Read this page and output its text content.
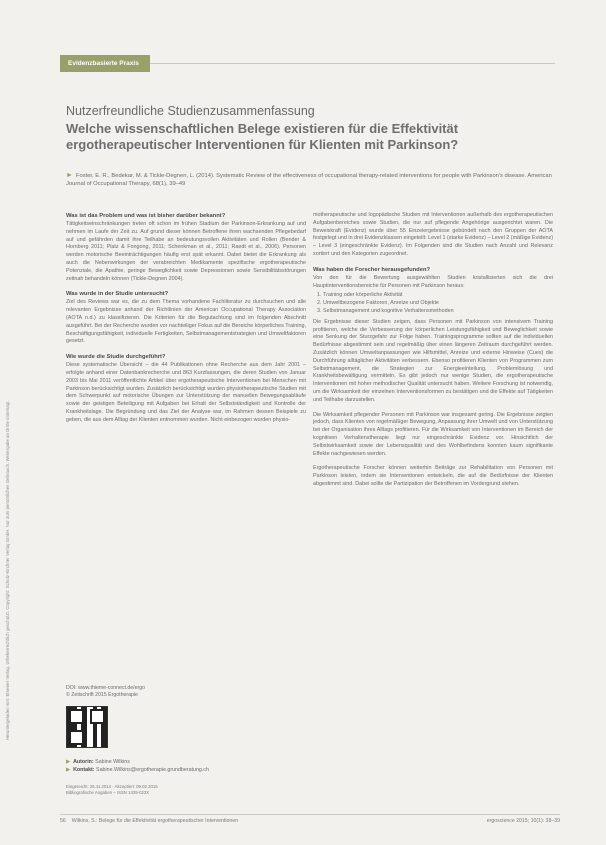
Heruntergeladen von: Elsevier Verlag. Urheberrechtlich geschützt. Copyright: Schulz-Kirchner Verlag GmbH. Nur zum persönlichen Gebrauch. Weitergabe an Dritte untersagt.
Evidenzbasierte Praxis
Nutzerfreundliche Studienzusammenfassung
Welche wissenschaftlichen Belege existieren für die Effektivität ergotherapeutischer Interventionen für Klienten mit Parkinson?
► Foster, E. R., Bedekar, M. & Tickle-Degnen, L. (2014). Systematic Review of the effectiveness of occupational therapy-related interventions for people with Parkinson's disease. American Journal of Occupational Therapy, 68(1), 39–49
Was ist das Problem und was ist bisher darüber bekannt?

Tätigkeitseinschränkungen treten oft schon im frühen Stadium der Parkinson-Erkrankung auf und nehmen im Laufe der Zeit zu. Auf grund dieser können Betroffene ihren wachsenden Pflegebedarf auf und gefährden damit ihre Teilhabe an bedeutungsvollen Aktivitäten und Rollen (Bender & Hornberg 2011; Platz & Fongong, 2011; Schenkman et al., 2011; Raedt et al., 2006). Personen werden motorische Beeinträchtigungen häufig erst spät erkannt. Dabei bietet die Erkrankung als auch die Nebenwirkungen der verabreichten Medikamente spezifische ergotherapeutische Potenziale, die Apathie, geringe Beweglichkeit sowie Depressionen sowie Sensibilitätsstörungen zeitnah behandeln können (Tickle-Degnen 2004).

Was wurde in der Studie untersucht?

Ziel des Reviews war es, die zu dem Thema vorhandene Fachliteratur zu durchsuchen und alle relevanten Ergebnisse anhand der Richtlinien der American Occupational Therapy Association (AOTA n.d.) zu klassifizieren. Die Kriterien für die Begutachtung sind im folgenden Abschnitt ausgeführt. Bei der Recherche wurden vor nachteiliger Fokus auf die Bereiche körperliches Training, Beschäftigungsfähigkeit, individuelle Fertigkeiten, Selbstmanagementstrategien und Umweltfaktoren gesetzt.

Wie wurde die Studie durchgeführt?

Diese systematische Übersicht – die 44 Publikationen ohne Recherche aus dem Jahr 2001 – erfolgte anhand einer Datenbankrecherche und 863 Kurzfassungen, die deren Studien von Januar 2003 bis Mai 2011 veröffentlichte Artikel über ergotherapeutische Interventionen bei Menschen mit Parkinson berücksichtigt wurden. Zusätzlich berücksichtigt wurden physiotherapeutische Studien mit dem Schwerpunkt auf motorische Übungen zur Unterstützung der manuellen Bewegungsabläufe sowie der geistigen Beteiligung mit Aufgaben bei Erhalt der Selbstständigkeit und Kontrolle der Krankheitslage. Die Begründung und das Ziel der Analyse war, im Rahmen dessen Beispiele zu geben, die aus dem Alltag der Klienten entnommen wurden. Nicht einbezogen wurden physio-

DOI: www.thieme-connect.de/ergo
© Zeitschrift 2015 Ergotherapie
▶ Autorin: Sabine Wilkins
▶ Kontakt: Sabine.Wilkins@ergotherapie.grundberatung.ch
Eingereicht: 25.11.2014 · Akzeptiert: 09.02.2015
Bibliografische Angaben – ISSN 1439-023X

motherapeutische und logopädische Studien mit Interventionen außerhalb des ergotherapeutischen Aufgabenbereiches sowie Studien, die nur auf pflegende Angehörige ausgerichtet waren. Die Beweiskraft (Evidenz) wurde über 55 Einzelergebnisse gebündelt nach den Gruppen der AOTA festgelegt und in drei Evidenzklassen eingeteilt: Level 1 (starke Evidenz) – Level 2 (mäßige Evidenz) – Level 3 (eingeschränkte Evidenz). Im Folgenden sind die Studien nach Anzahl und Relevanz sortiert und den Kategorien zugeordnet.

Was haben die Forscher herausgefunden?

Von den für die Bewertung ausgewählten Studien kristallisierten sich die drei Hauptinterventionsbereiche für Personen mit Parkinson heraus:

1. Training oder körperliche Aktivität
2. Umweltbezogene Faktoren, Anreize und Objekte
3. Selbstmanagement und kognitive Verhaltensmethoden

Die Ergebnisse dieser Studien zeigen, dass Personen mit Parkinson von intensivem Training profitieren, welche die Verbesserung der körperlichen Leistungsfähigkeit und Beweglichkeit sowie eine Senkung der Sturzgefahr zur Folge haben. Trainingsprogramme sollten auf die individuellen Bedürfnisse abgestimmt sein und regelmäßig über einen längeren Zeitraum durchgeführt werden. Zusätzlich können Umweltanpassungen wie Hilfsmittel, Anreize und externe Hinweise (Cues) die Durchführung alltäglicher Aktivitäten verbessern. Ebenso profitieren Klienten von Programmen zum Selbstmanagement, die Strategien zur Energieeinteilung, Problemlösung und Krankheitsbewältigung vermitteln. Es gibt jedoch nur wenige Studien, die ergotherapeutische Interventionen mit hoher methodischer Qualität untersucht haben. Weitere Forschung ist notwendig, um die Wirksamkeit der einzelnen Interventionsformen zu bestätigen und die Effekte auf Tätigkeiten und Teilhabe darzustellen.

Die Wirksamkeit pflegender Personen mit Parkinson war insgesamt gering. Die Ergebnisse zeigten jedoch, dass Klienten von regelmäßiger Bewegung, Anpassung ihrer Umwelt und von Unterstützung bei der Organisation ihres Alltags profitieren. Für die Wirksamkeit von Interventionen im Bereich der kognitiven Verhaltenstherapie liegt nur eingeschränkte Evidenz vor. Hinsichtlich der Selbstwirksamkeit sowie der Lebensqualität und des Wohlbefindens konnten kaum signifikante Effekte nachgewiesen werden.

Ergotherapeutische Forscher können weiterhin Beiträge zur Rehabilitation von Personen mit Parkinson leisten, indem sie Interventionen entwickeln, die auf die Bedürfnisse der Klienten abgestimmt sind. Dabei sollte die Partizipation der Betroffenen im Vordergrund stehen.

56 Wilkins, S.: Belege für die Effektivität ergotherapeutischer Interventionen	ergoscience 2015; 10(1): 38–39
